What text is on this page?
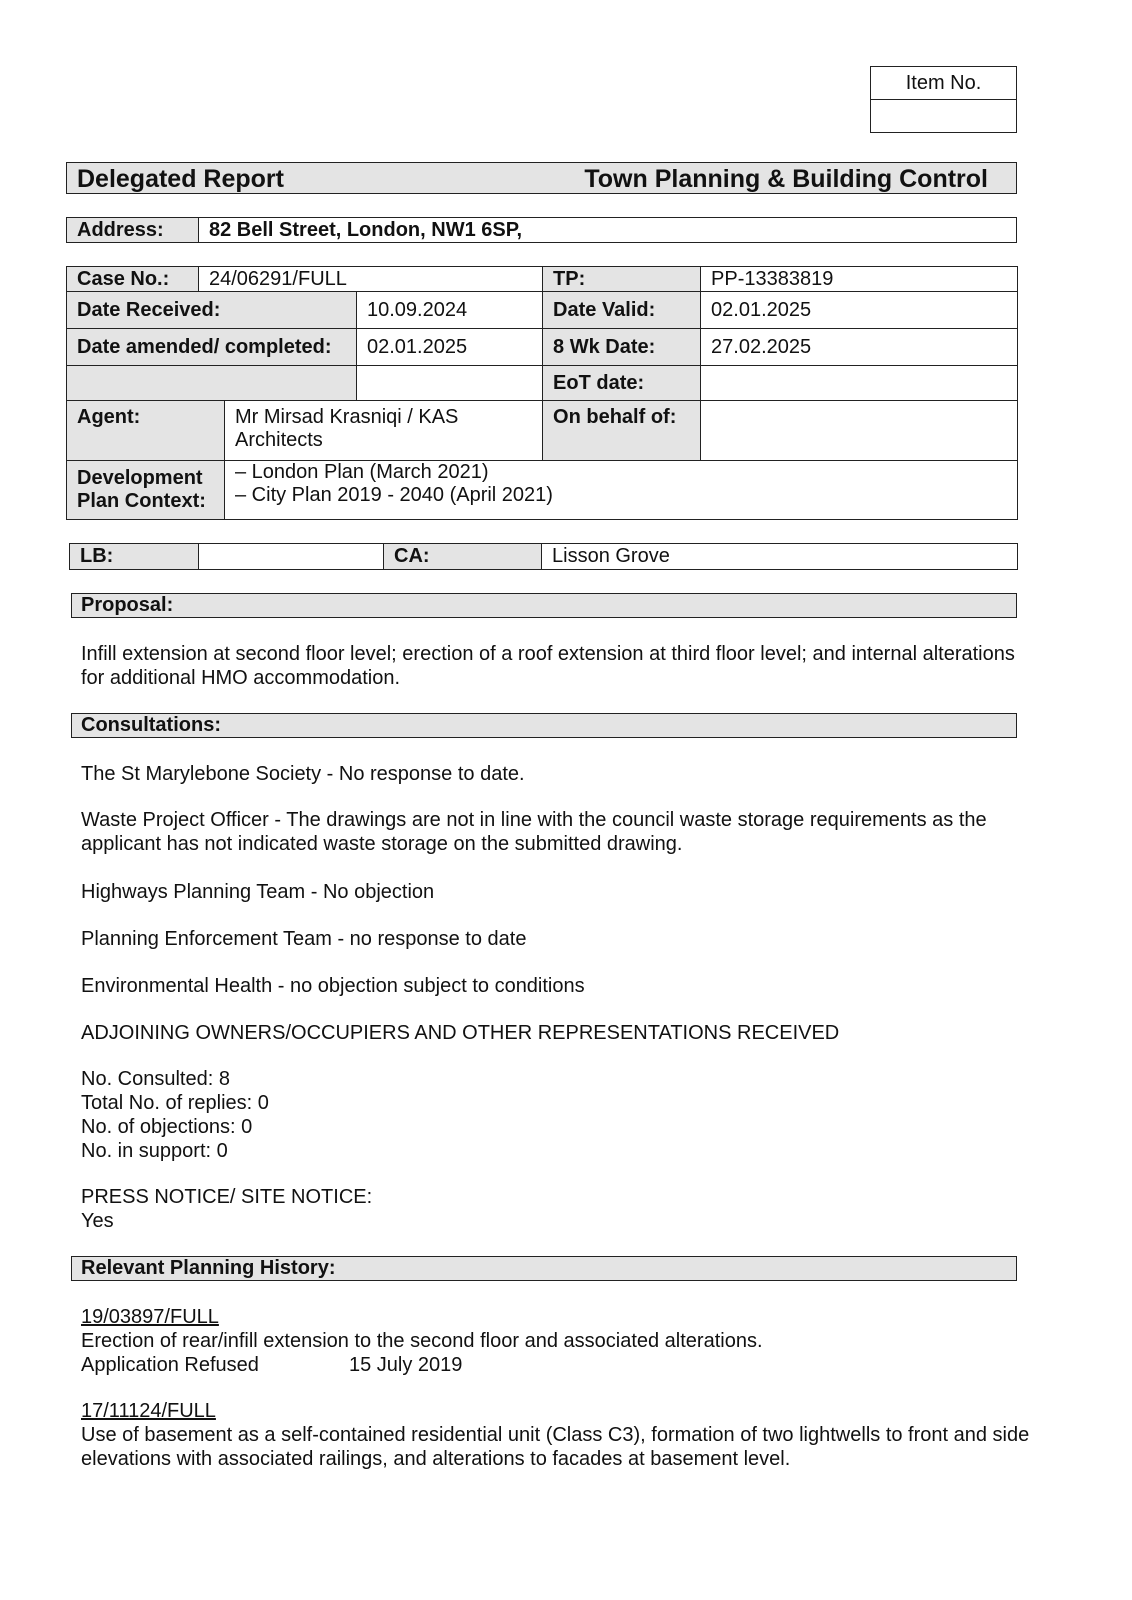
Item No.

Delegated Report	Town Planning & Building Control
Address:	82 Bell Street, London, NW1 6SP,
Case No.:	24/06291/FULL			TP:	PP-13383819
Date Received:			10.09.2024	Date Valid:	02.01.2025
Date amended/ completed:			02.01.2025	8 Wk Date:	27.02.2025
				EoT date:	
Agent:		Mr Mirsad Krasniqi / KAS Architects		On behalf of:	
Development Plan Context:		– London Plan (March 2021)
– City Plan 2019 - 2040 (April 2021)			
LB:		CA:	Lisson Grove
Proposal:
Infill extension at second floor level; erection of a roof extension at third floor level; and internal alterations for additional HMO accommodation.
Consultations:
The St Marylebone Society - No response to date.
Waste Project Officer - The drawings are not in line with the council waste storage requirements as the applicant has not indicated waste storage on the submitted drawing.
Highways Planning Team - No objection
Planning Enforcement Team - no response to date
Environmental Health - no objection subject to conditions
ADJOINING OWNERS/OCCUPIERS AND OTHER REPRESENTATIONS RECEIVED
No. Consulted: 8
Total No. of replies: 0
No. of objections: 0
No. in support: 0
PRESS NOTICE/ SITE NOTICE:
Yes
Relevant Planning History:
19/03897/FULL
Erection of rear/infill extension to the second floor and associated alterations.
Application Refused	15 July 2019
17/11124/FULL
Use of basement as a self-contained residential unit (Class C3), formation of two lightwells to front and side elevations with associated railings, and alterations to facades at basement level.
